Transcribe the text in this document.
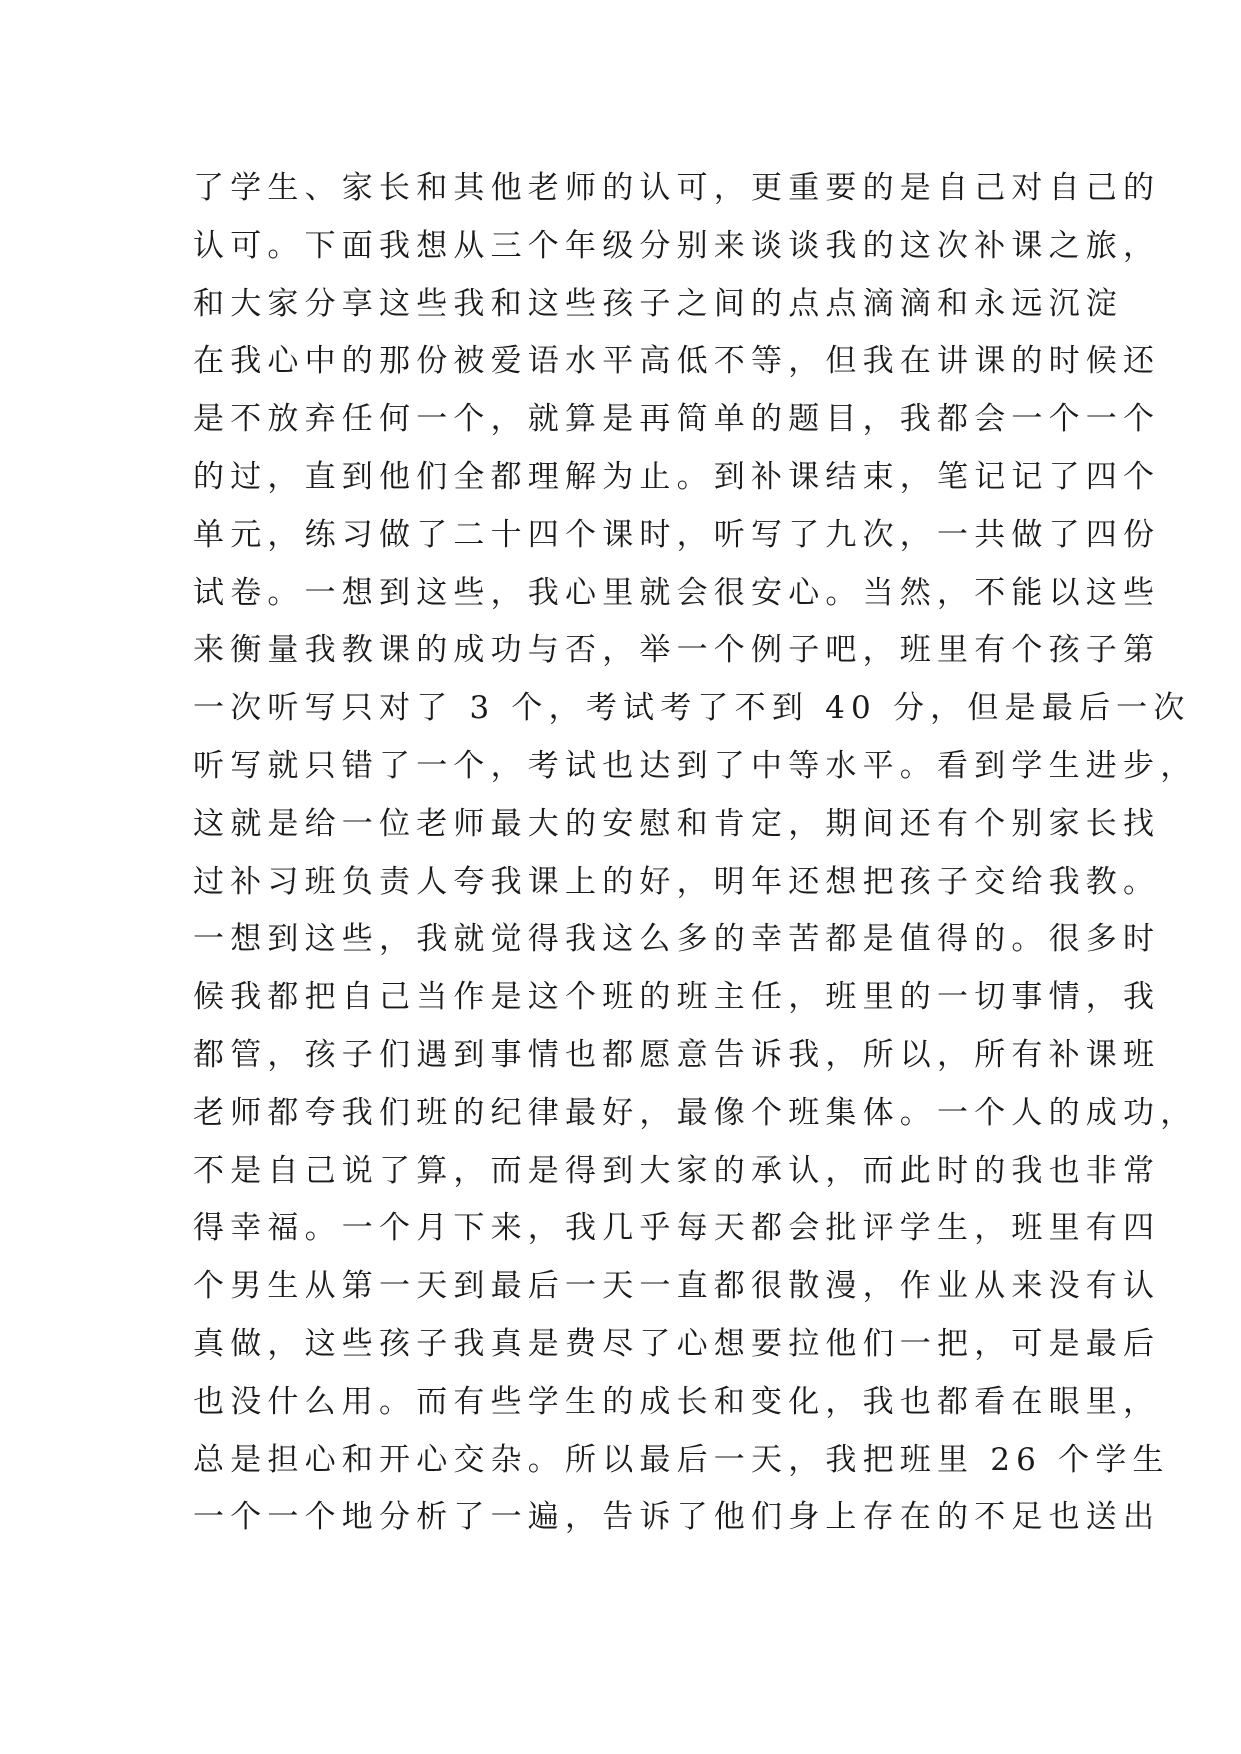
了学生、家长和其他老师的认可，更重要的是自己对自己的
认可。下面我想从三个年级分别来谈谈我的这次补课之旅，
和大家分享这些我和这些孩子之间的点点滴滴和永远沉淀
在我心中的那份被爱语水平高低不等，但我在讲课的时候还
是不放弃任何一个，就算是再简单的题目，我都会一个一个
的过，直到他们全都理解为止。到补课结束，笔记记了四个
单元，练习做了二十四个课时，听写了九次，一共做了四份
试卷。一想到这些，我心里就会很安心。当然，不能以这些
来衡量我教课的成功与否，举一个例子吧，班里有个孩子第
一次听写只对了 3 个，考试考了不到 40 分，但是最后一次
听写就只错了一个，考试也达到了中等水平。看到学生进步，
这就是给一位老师最大的安慰和肯定，期间还有个别家长找
过补习班负责人夸我课上的好，明年还想把孩子交给我教。
一想到这些，我就觉得我这么多的幸苦都是值得的。很多时
候我都把自己当作是这个班的班主任，班里的一切事情，我
都管，孩子们遇到事情也都愿意告诉我，所以，所有补课班
老师都夸我们班的纪律最好，最像个班集体。一个人的成功，
不是自己说了算，而是得到大家的承认，而此时的我也非常
得幸福。一个月下来，我几乎每天都会批评学生，班里有四
个男生从第一天到最后一天一直都很散漫，作业从来没有认
真做，这些孩子我真是费尽了心想要拉他们一把，可是最后
也没什么用。而有些学生的成长和变化，我也都看在眼里，
总是担心和开心交杂。所以最后一天，我把班里 26 个学生
一个一个地分析了一遍，告诉了他们身上存在的不足也送出
